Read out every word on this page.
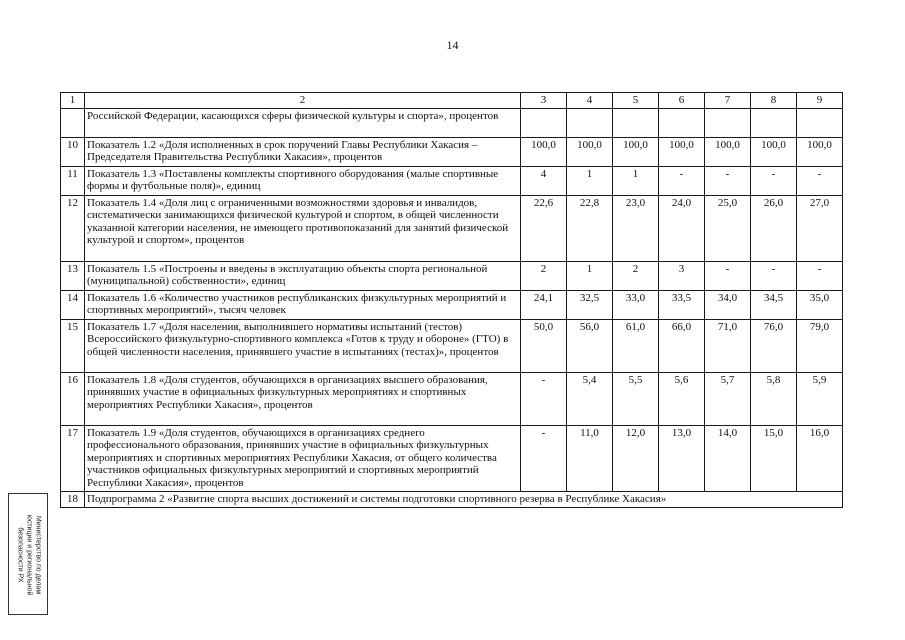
14
1	2	3	4	5	6	7	8	9
	Российской Федерации, касающихся сферы физической культуры и спорта», процентов							
10	Показатель 1.2 «Доля исполненных в срок поручений Главы Республики Хакасия – Председателя Правительства Республики Хакасия», процентов	100,0	100,0	100,0	100,0	100,0	100,0	100,0
11	Показатель 1.3 «Поставлены комплекты спортивного оборудования (малые спортивные формы и футбольные поля)», единиц	4	1	1	-	-	-	-
12	Показатель 1.4 «Доля лиц с ограниченными возможностями здоровья и инвалидов, систематически занимающихся физической культурой и спортом, в общей численности указанной категории населения, не имеющего противопоказаний для занятий физической культурой и спортом», процентов	22,6	22,8	23,0	24,0	25,0	26,0	27,0
13	Показатель 1.5 «Построены и введены в эксплуатацию объекты спорта региональной (муниципальной) собственности», единиц	2	1	2	3	-	-	-
14	Показатель 1.6 «Количество участников республиканских физкультурных мероприятий и спортивных мероприятий», тысяч человек	24,1	32,5	33,0	33,5	34,0	34,5	35,0
15	Показатель 1.7 «Доля населения, выполнившего нормативы испытаний (тестов) Всероссийского физкультурно-спортивного комплекса «Готов к труду и обороне» (ГТО) в общей численности населения, принявшего участие в испытаниях (тестах)», процентов	50,0	56,0	61,0	66,0	71,0	76,0	79,0
16	Показатель 1.8 «Доля студентов, обучающихся в организациях высшего образования, принявших участие в официальных физкультурных мероприятиях и спортивных мероприятиях Республики Хакасия», процентов	-	5,4	5,5	5,6	5,7	5,8	5,9
17	Показатель 1.9 «Доля студентов, обучающихся в организациях среднего профессионального образования, принявших участие в официальных физкультурных мероприятиях и спортивных мероприятиях Республики Хакасия, от общего количества участников официальных физкультурных мероприятий и спортивных мероприятий Республики Хакасия», процентов	-	11,0	12,0	13,0	14,0	15,0	16,0
18	Подпрограмма 2 «Развитие спорта высших достижений и системы подготовки спортивного резерва в Республике Хакасия»							
Министерство по делам
юстиции и региональной
безопасности РХ
